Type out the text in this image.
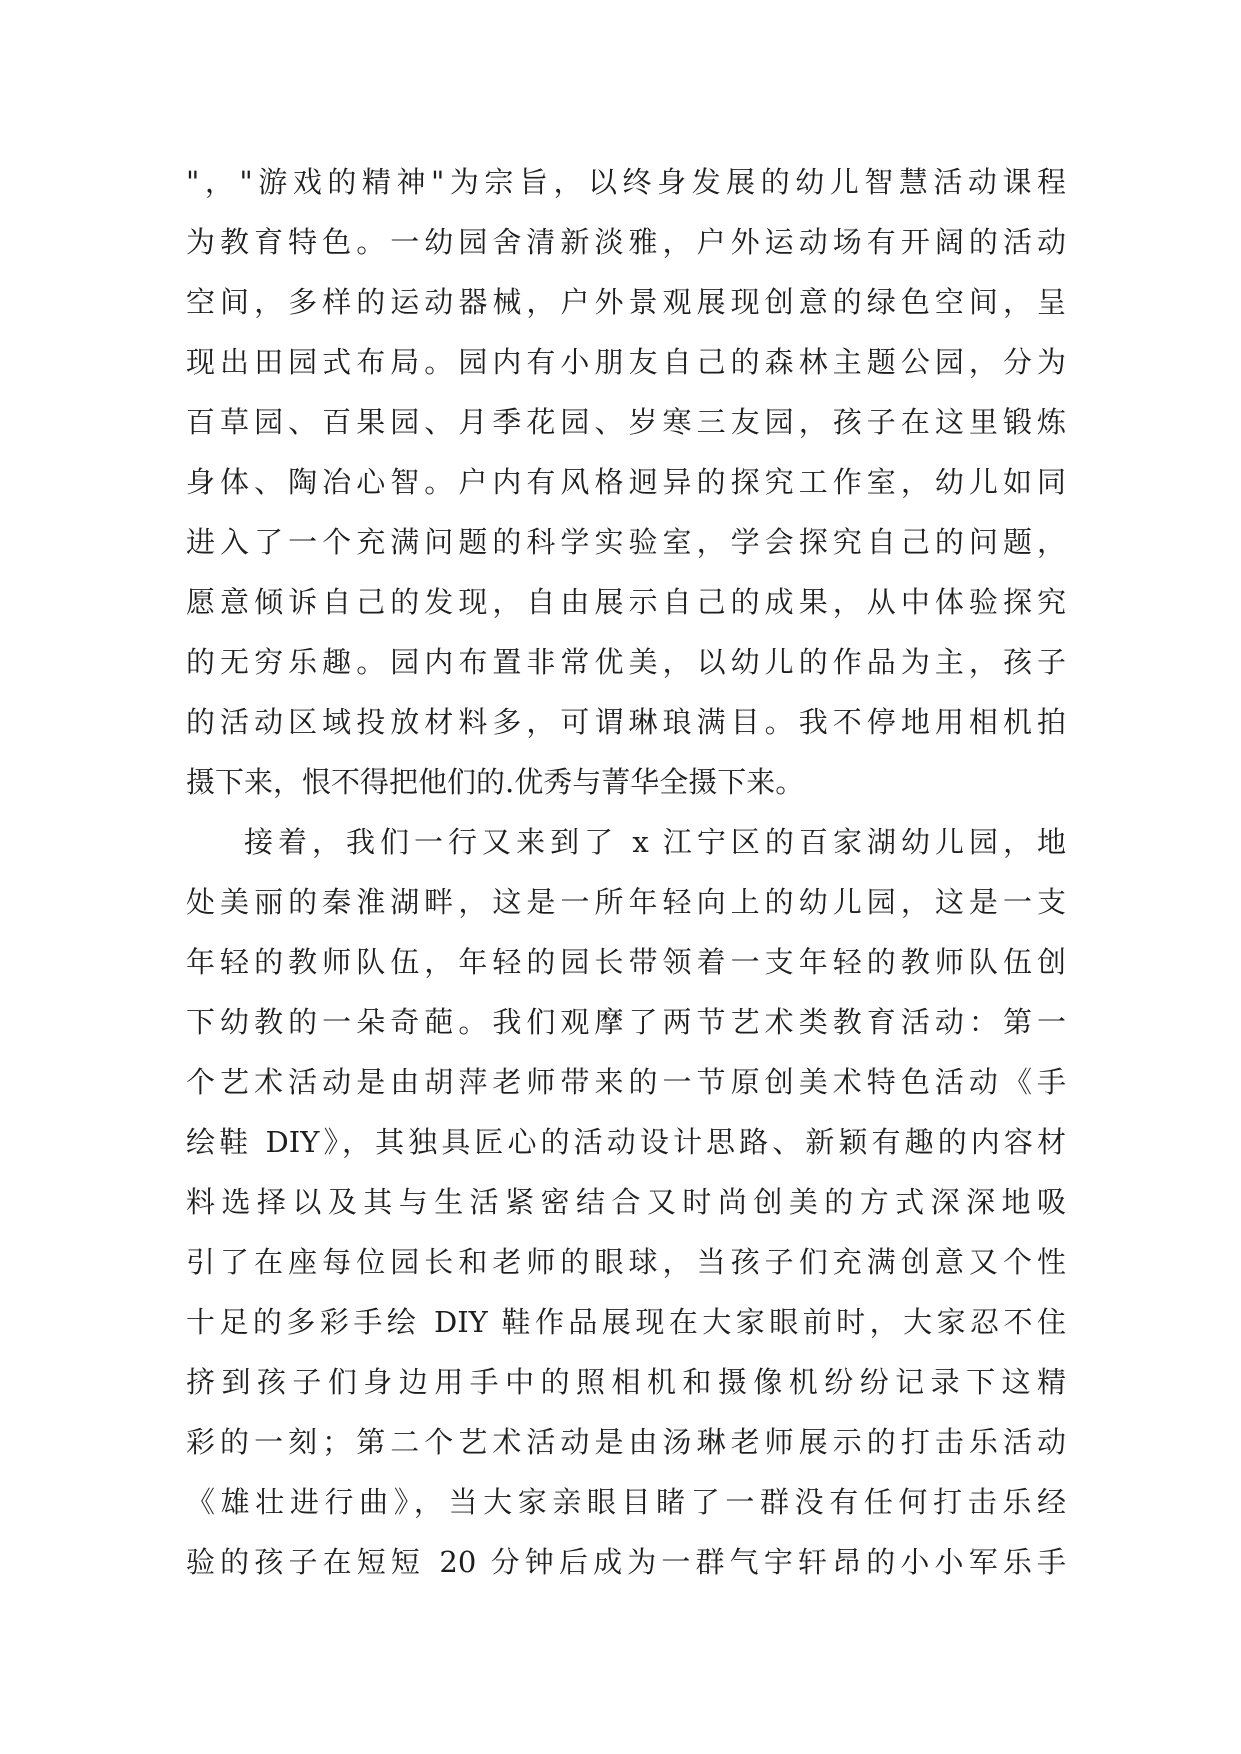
"，"游戏的精神"为宗旨，以终身发展的幼儿智慧活动课程
为教育特色。一幼园舍清新淡雅，户外运动场有开阔的活动
空间，多样的运动器械，户外景观展现创意的绿色空间，呈
现出田园式布局。园内有小朋友自己的森林主题公园，分为
百草园、百果园、月季花园、岁寒三友园，孩子在这里锻炼
身体、陶冶心智。户内有风格迥异的探究工作室，幼儿如同
进入了一个充满问题的科学实验室，学会探究自己的问题，
愿意倾诉自己的发现，自由展示自己的成果，从中体验探究
的无穷乐趣。园内布置非常优美，以幼儿的作品为主，孩子
的活动区域投放材料多，可谓琳琅满目。我不停地用相机拍
摄下来，恨不得把他们的.优秀与菁华全摄下来。
接着，我们一行又来到了 x 江宁区的百家湖幼儿园，地
处美丽的秦淮湖畔，这是一所年轻向上的幼儿园，这是一支
年轻的教师队伍，年轻的园长带领着一支年轻的教师队伍创
下幼教的一朵奇葩。我们观摩了两节艺术类教育活动：第一
个艺术活动是由胡萍老师带来的一节原创美术特色活动《手
绘鞋 DIY》，其独具匠心的活动设计思路、新颖有趣的内容材
料选择以及其与生活紧密结合又时尚创美的方式深深地吸
引了在座每位园长和老师的眼球，当孩子们充满创意又个性
十足的多彩手绘 DIY 鞋作品展现在大家眼前时，大家忍不住
挤到孩子们身边用手中的照相机和摄像机纷纷记录下这精
彩的一刻；第二个艺术活动是由汤琳老师展示的打击乐活动
《雄壮进行曲》，当大家亲眼目睹了一群没有任何打击乐经
验的孩子在短短 20 分钟后成为一群气宇轩昂的小小军乐手
